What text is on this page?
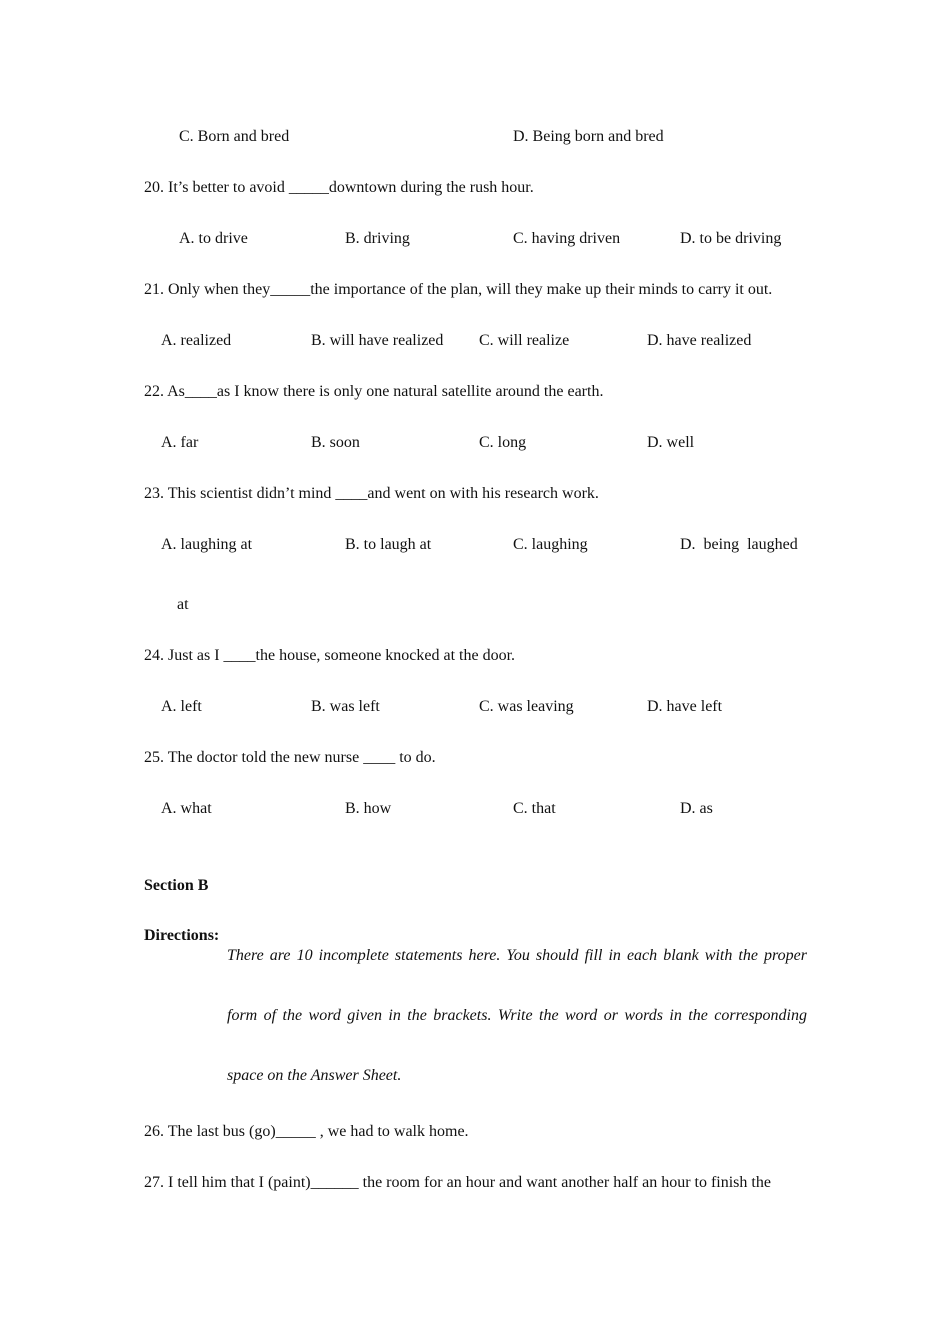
C. Born and bred	D. Being born and bred
20. It’s better to avoid _____downtown during the rush hour.
A. to drive	B. driving	C. having driven	D. to be driving
21. Only when they_____the importance of the plan, will they make up their minds to carry it out.
A. realized	B. will have realized C. will realize	D. have realized
22. As____as I know there is only one natural satellite around the earth.
A. far	B. soon	C. long	D. well
23. This scientist didn’t mind ____and went on with his research work.
A. laughing at	B. to laugh at	C. laughing	D.  being  laughed
at
24. Just as I ____the house, someone knocked at the door.
A. left	B. was left	C. was leaving	D. have left
25. The doctor told the new nurse ____ to do.
A. what	B. how	C. that	D. as
Section B
Directions:
There are 10 incomplete statements here. You should fill in each blank with the proper form of the word given in the brackets. Write the word or words in the corresponding space on the Answer Sheet.
26. The last bus (go)_____ , we had to walk home.
27. I tell him that I (paint)______ the room for an hour and want another half an hour to finish the
